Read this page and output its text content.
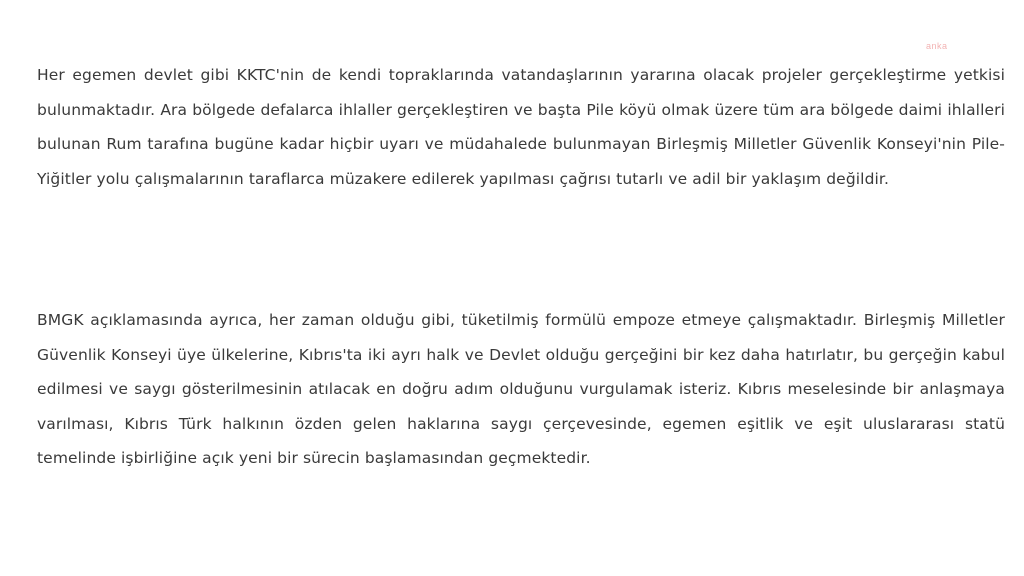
anka

Her egemen devlet gibi KKTC'nin de kendi topraklarında vatandaşlarının yararına olacak projeler gerçekleştirme yetkisi bulunmaktadır. Ara bölgede defalarca ihlaller gerçekleştiren ve başta Pile köyü olmak üzere tüm ara bölgede daimi ihlalleri bulunan Rum tarafına bugüne kadar hiçbir uyarı ve müdahalede bulunmayan Birleşmiş Milletler Güvenlik Konseyi'nin Pile-Yiğitler yolu çalışmalarının taraflarca müzakere edilerek yapılması çağrısı tutarlı ve adil bir yaklaşım değildir.

BMGK açıklamasında ayrıca, her zaman olduğu gibi, tüketilmiş formülü empoze etmeye çalışmaktadır. Birleşmiş Milletler Güvenlik Konseyi üye ülkelerine, Kıbrıs'ta iki ayrı halk ve Devlet olduğu gerçeğini bir kez daha hatırlatır, bu gerçeğin kabul edilmesi ve saygı gösterilmesinin atılacak en doğru adım olduğunu vurgulamak isteriz. Kıbrıs meselesinde bir anlaşmaya varılması, Kıbrıs Türk halkının özden gelen haklarına saygı çerçevesinde, egemen eşitlik ve eşit uluslararası statü temelinde işbirliğine açık yeni bir sürecin başlamasından geçmektedir.
